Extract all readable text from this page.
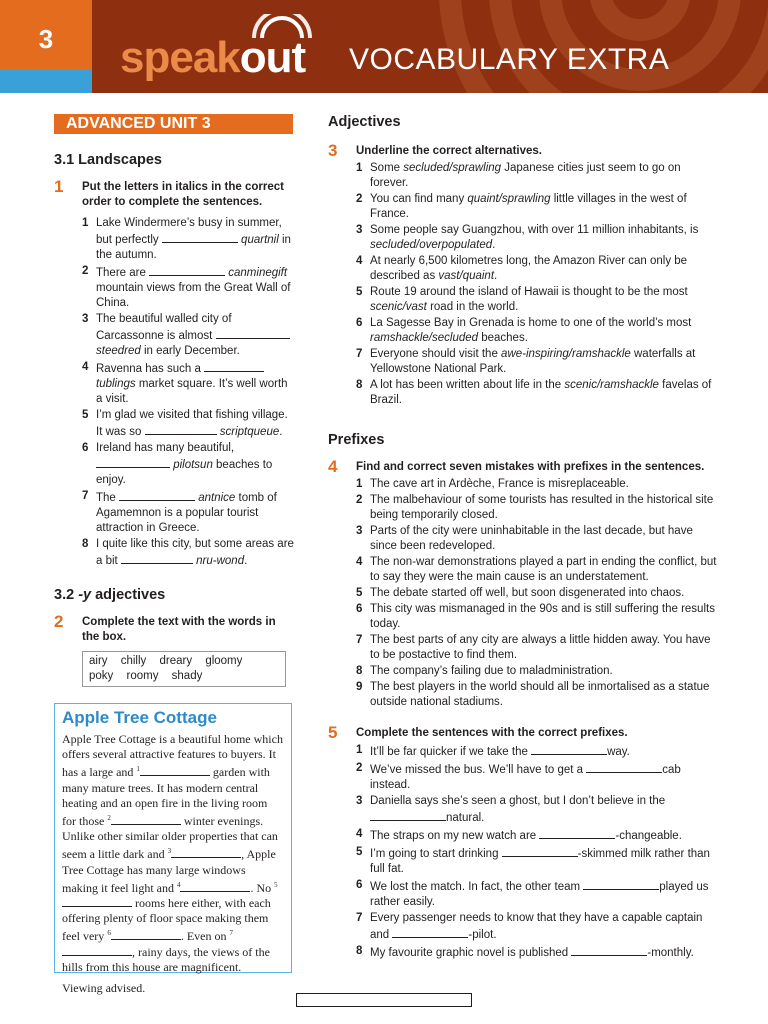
3	speakout VOCABULARY EXTRA
ADVANCED UNIT 3
3.1 Landscapes
1 Put the letters in italics in the correct order to complete the sentences.

1 Lake Windermere’s busy in summer, but perfectly	quartnil in the autumn.
2 There are	canminegift mountain views from the Great Wall of China.
3 The beautiful walled city of Carcassonne is almost  steedred in early December.
4 Ravenna has such a  tublings market square. It’s well worth a visit.
5 I’m glad we visited that fishing village. It was so	scriptqueue.
6 Ireland has many beautiful,  pilotsun beaches to enjoy.
7 The	antnice tomb of Agamemnon is a popular tourist attraction in Greece.
8 I quite like this city, but some areas are a bit	nru-wond.
3.2 -y adjectives
2 Complete the text with the words in the box.

airy chilly dreary gloomy poky roomy shady
Apple Tree Cottage

Apple Tree Cottage is a beautiful home which offers several attractive features to buyers. It has a large and $^1$	garden with many mature trees. It has modern central heating and an open fire in the living room for those $^2$	winter evenings. Unlike other similar older properties that can seem a little dark and $^3$	, Apple Tree Cottage has many large windows making it feel light and $^4$	. No $^5$ rooms here either, with each offering plenty of floor space making them feel very $^6$	. Even on $^7$, rainy days, the views of the hills from this house are magnificent.

Viewing advised.

Adjectives
3 Underline the correct alternatives.

1 Some secluded/sprawling Japanese cities just seem to go on forever.
2 You can find many quaint/sprawling little villages in the west of France.
3 Some people say Guangzhou, with over 11 million inhabitants, is secluded/overpopulated.
4 At nearly 6,500 kilometres long, the Amazon River can only be described as vast/quaint.
5 Route 19 around the island of Hawaii is thought to be the most scenic/vast road in the world.
6 La Sagesse Bay in Grenada is home to one of the world’s most ramshackle/secluded beaches.
7 Everyone should visit the awe-inspiring/ramshackle waterfalls at Yellowstone National Park.
8 A lot has been written about life in the scenic/ramshackle favelas of Brazil.
Prefixes
4 Find and correct seven mistakes with prefixes in the sentences.

1 The cave art in Ardèche, France is misreplaceable.
2 The malbehaviour of some tourists has resulted in the historical site being temporarily closed.
3 Parts of the city were uninhabitable in the last decade, but have since been redeveloped.
4 The non-war demonstrations played a part in ending the conflict, but to say they were the main cause is an understatement.
5 The debate started off well, but soon disgenerated into chaos.
6 This city was mismanaged in the 90s and is still suffering the results today.
7 The best parts of any city are always a little hidden away. You have to be postactive to find them.
8 The company’s failing due to maladministration.
9 The best players in the world should all be inmortalised as a statue outside national stadiums.
5 Complete the sentences with the correct prefixes.

1 It’ll be far quicker if we take the	way.
2 We’ve missed the bus. We’ll have to get a	cab instead.
3 Daniella says she’s seen a ghost, but I don’t believe in the natural.
4 The straps on my new watch are	-changeable.
5 I’m going to start drinking	-skimmed milk rather than full fat.
6 We lost the match. In fact, the other team	played us rather easily.
7 Every passenger needs to know that they have a capable captain and	-pilot.
8 My favourite graphic novel is published	-monthly.
